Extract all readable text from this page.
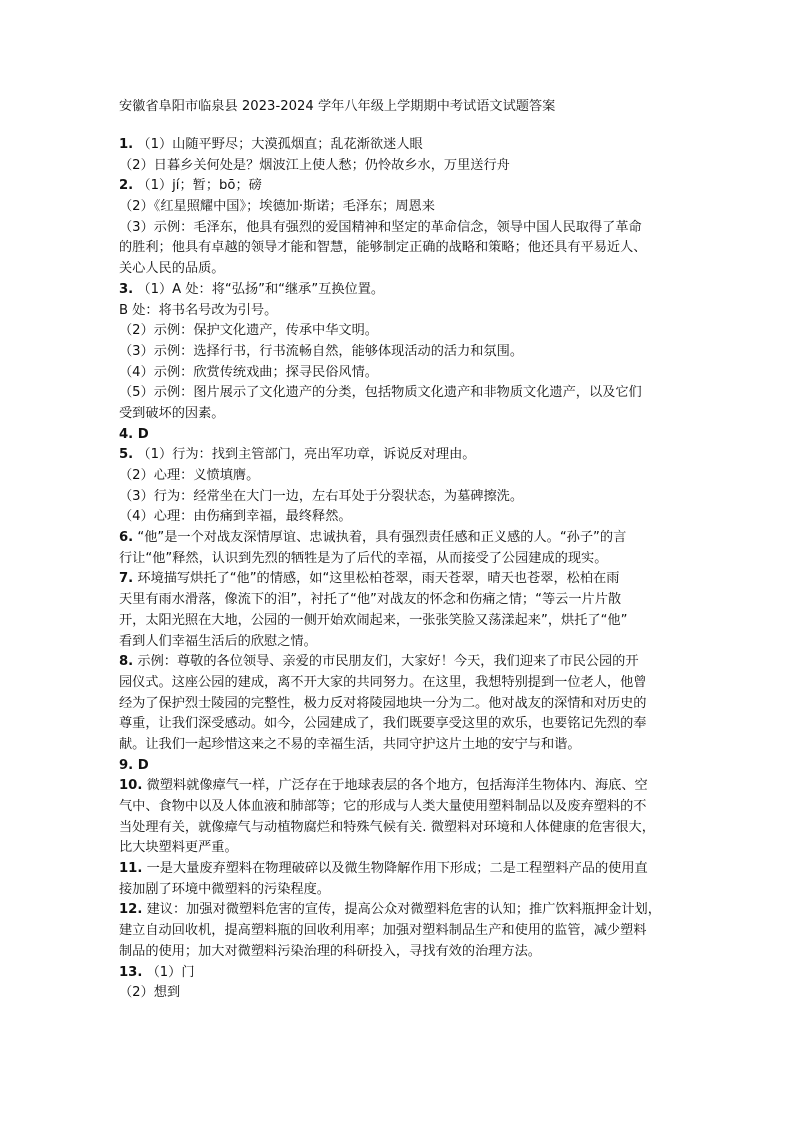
安徽省阜阳市临泉县 2023-2024 学年八年级上学期期中考试语文试题答案
1. （1）山随平野尽；大漠孤烟直；乱花渐欲迷人眼
（2）日暮乡关何处是？烟波江上使人愁；仍怜故乡水，万里送行舟
2. （1）jí；暂；bō；磅
（2）《红星照耀中国》；埃德加·斯诺；毛泽东；周恩来
（3）示例：毛泽东，他具有强烈的爱国精神和坚定的革命信念，领导中国人民取得了革命
的胜利；他具有卓越的领导才能和智慧，能够制定正确的战略和策略；他还具有平易近人、
关心人民的品质。
3. （1）A 处：将“弘扬”和“继承”互换位置。
B 处：将书名号改为引号。
（2）示例：保护文化遗产，传承中华文明。
（3）示例：选择行书，行书流畅自然，能够体现活动的活力和氛围。
（4）示例：欣赏传统戏曲；探寻民俗风情。
（5）示例：图片展示了文化遗产的分类，包括物质文化遗产和非物质文化遗产，以及它们
受到破坏的因素。
4. D
5. （1）行为：找到主管部门，亮出军功章，诉说反对理由。
（2）心理：义愤填膺。
（3）行为：经常坐在大门一边，左右耳处于分裂状态，为墓碑擦洗。
（4）心理：由伤痛到幸福，最终释然。
6. “他”是一个对战友深情厚谊、忠诚执着，具有强烈责任感和正义感的人。“孙子”的言
行让“他”释然，认识到先烈的牺牲是为了后代的幸福，从而接受了公园建成的现实。
7. 环境描写烘托了“他”的情感，如“这里松柏苍翠，雨天苍翠，晴天也苍翠，松柏在雨
天里有雨水滑落，像流下的泪”，衬托了“他”对战友的怀念和伤痛之情；“等云一片片散
开，太阳光照在大地，公园的一侧开始欢闹起来，一张张笑脸又荡漾起来”，烘托了“他”
看到人们幸福生活后的欣慰之情。
8. 示例：尊敬的各位领导、亲爱的市民朋友们，大家好！今天，我们迎来了市民公园的开
园仪式。这座公园的建成，离不开大家的共同努力。在这里，我想特别提到一位老人，他曾
经为了保护烈士陵园的完整性，极力反对将陵园地块一分为二。他对战友的深情和对历史的
尊重，让我们深受感动。如今，公园建成了，我们既要享受这里的欢乐，也要铭记先烈的奉
献。让我们一起珍惜这来之不易的幸福生活，共同守护这片土地的安宁与和谐。
9. D
10. 微塑料就像瘴气一样，广泛存在于地球表层的各个地方，包括海洋生物体内、海底、空
气中、食物中以及人体血液和肺部等；它的形成与人类大量使用塑料制品以及废弃塑料的不
当处理有关，就像瘴气与动植物腐烂和特殊气候有关. 微塑料对环境和人体健康的危害很大，
比大块塑料更严重。
11. 一是大量废弃塑料在物理破碎以及微生物降解作用下形成；二是工程塑料产品的使用直
接加剧了环境中微塑料的污染程度。
12. 建议：加强对微塑料危害的宣传，提高公众对微塑料危害的认知；推广饮料瓶押金计划，
建立自动回收机，提高塑料瓶的回收利用率；加强对塑料制品生产和使用的监管，减少塑料
制品的使用；加大对微塑料污染治理的科研投入，寻找有效的治理方法。
13. （1）门
（2）想到
